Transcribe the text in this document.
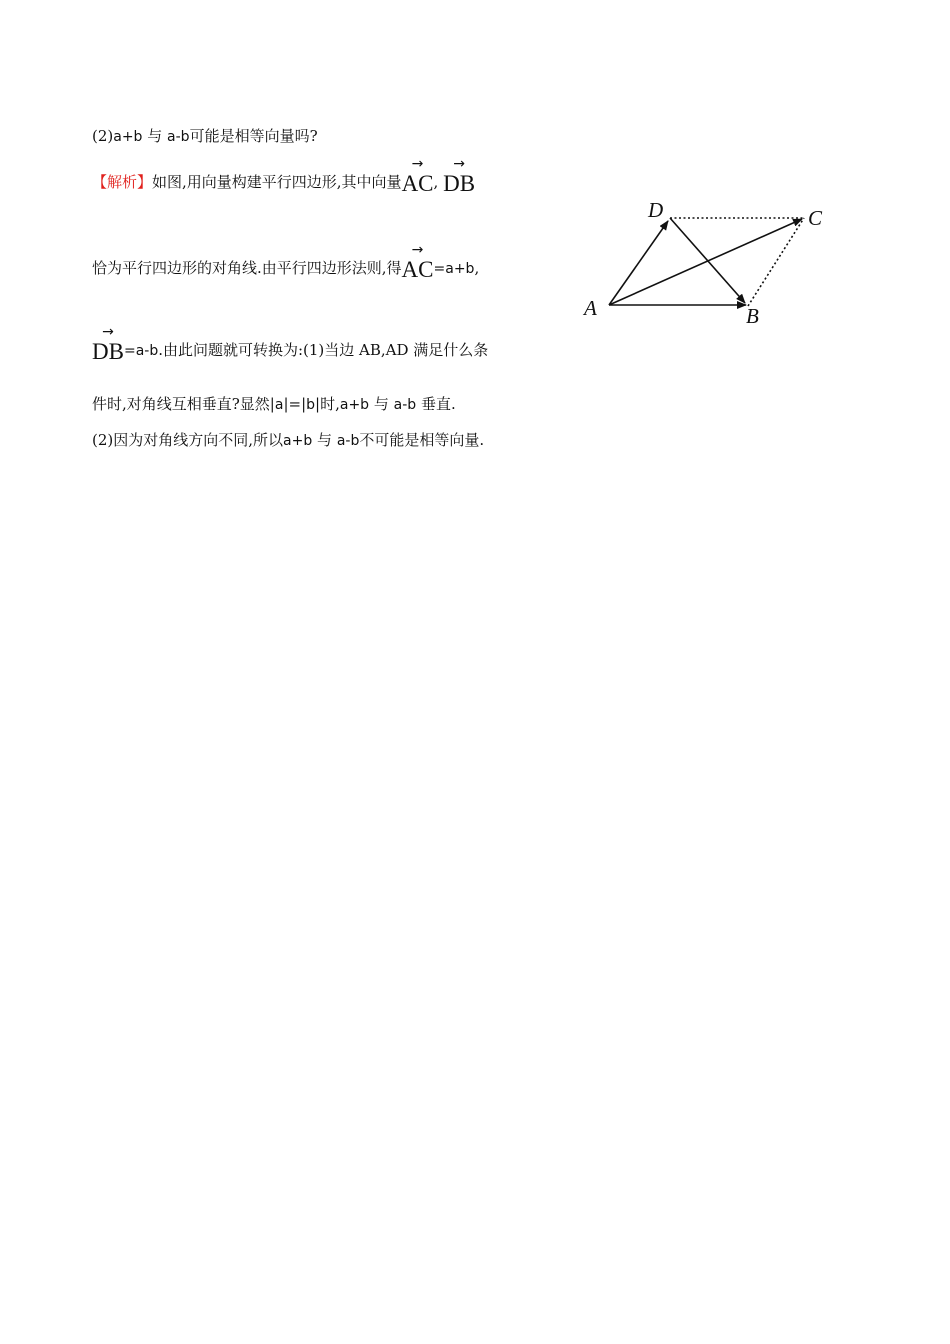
(2)a+b 与 a-b可能是相等向量吗?
【解析】如图,用向量构建平行四边形,其中向量
→
AC,
→
DB
恰为平行四边形的对角线.由平行四边形法则,得
→
AC=a+b,
→
DB=a-b.由此问题就可转换为:(1)当边 AB,AD 满足什么条
件时,对角线互相垂直?显然|a|=|b|时,a+b 与 a-b 垂直.
(2)因为对角线方向不同,所以a+b 与 a-b不可能是相等向量.
A	B
C
D
